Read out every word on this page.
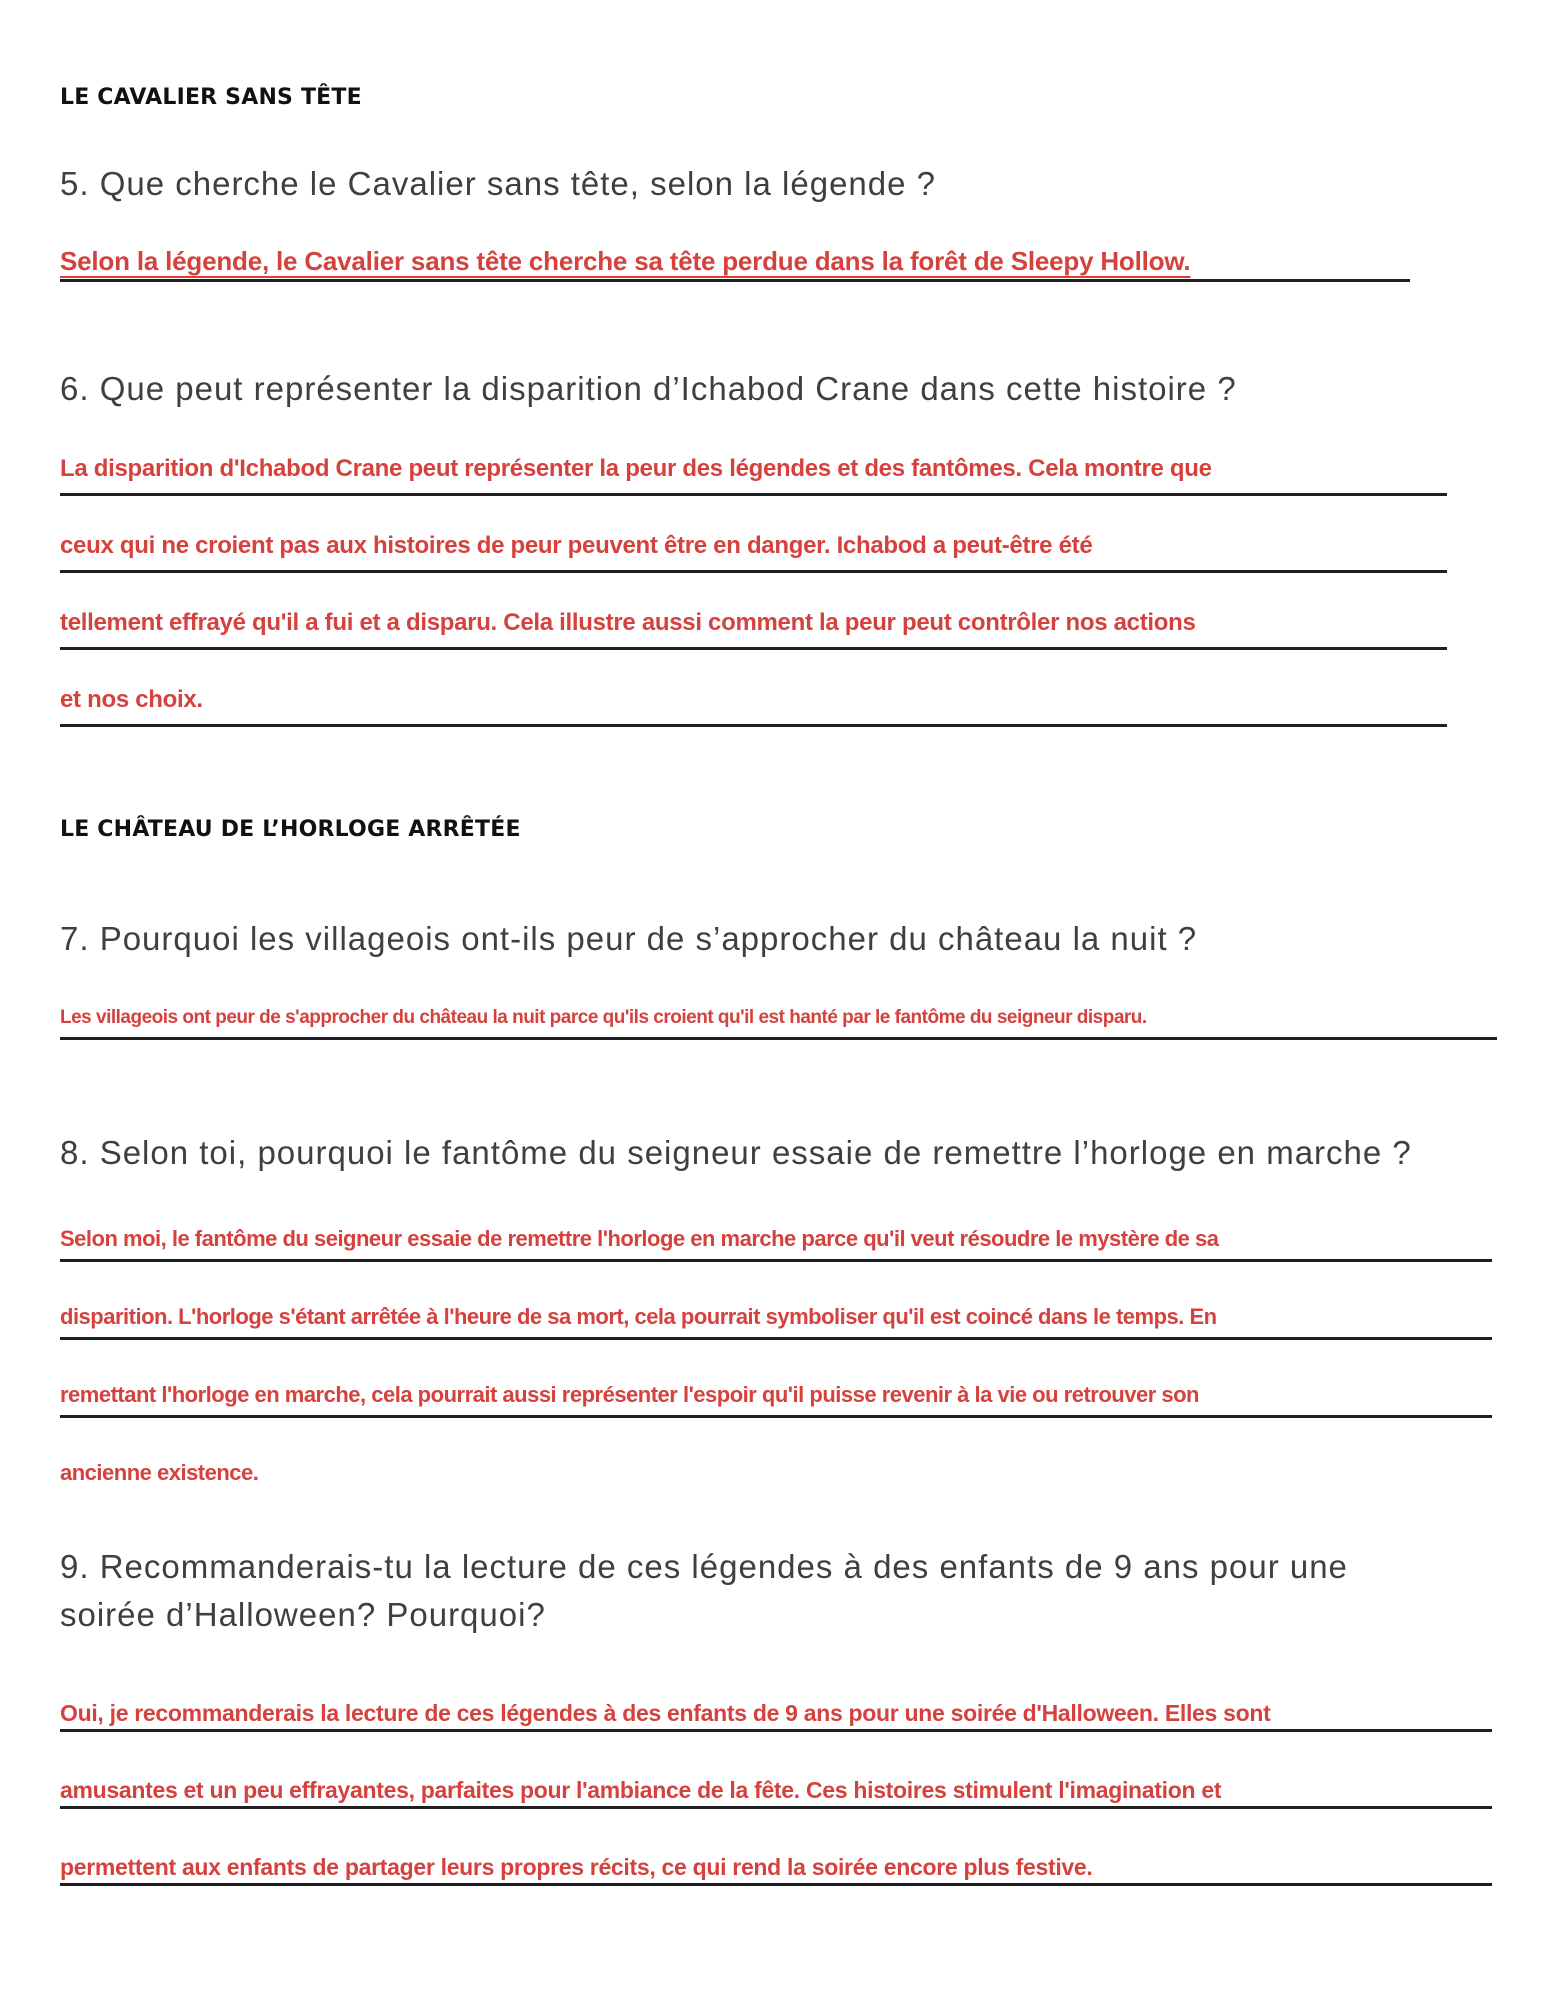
LE CAVALIER SANS TÊTE
5. Que cherche le Cavalier sans tête, selon la légende ?
Selon la légende, le Cavalier sans tête cherche sa tête perdue dans la forêt de Sleepy Hollow.
6. Que peut représenter la disparition d’Ichabod Crane dans cette histoire ?
La disparition d'Ichabod Crane peut représenter la peur des légendes et des fantômes. Cela montre que
ceux qui ne croient pas aux histoires de peur peuvent être en danger. Ichabod a peut-être été
tellement effrayé qu'il a fui et a disparu. Cela illustre aussi comment la peur peut contrôler nos actions
et nos choix.
LE CHÂTEAU DE L’HORLOGE ARRÊTÉE
7. Pourquoi les villageois ont-ils peur de s’approcher du château la nuit ?
Les villageois ont peur de s'approcher du château la nuit parce qu'ils croient qu'il est hanté par le fantôme du seigneur disparu.
8. Selon toi, pourquoi le fantôme du seigneur essaie de remettre l’horloge en marche ?
Selon moi, le fantôme du seigneur essaie de remettre l'horloge en marche parce qu'il veut résoudre le mystère de sa
disparition. L'horloge s'étant arrêtée à l'heure de sa mort, cela pourrait symboliser qu'il est coincé dans le temps. En
remettant l'horloge en marche, cela pourrait aussi représenter l'espoir qu'il puisse revenir à la vie ou retrouver son
ancienne existence.
9. Recommanderais-tu la lecture de ces légendes à des enfants de 9 ans pour une soirée d’Halloween? Pourquoi?
Oui, je recommanderais la lecture de ces légendes à des enfants de 9 ans pour une soirée d'Halloween. Elles sont
amusantes et un peu effrayantes, parfaites pour l'ambiance de la fête. Ces histoires stimulent l'imagination et
permettent aux enfants de partager leurs propres récits, ce qui rend la soirée encore plus festive.
